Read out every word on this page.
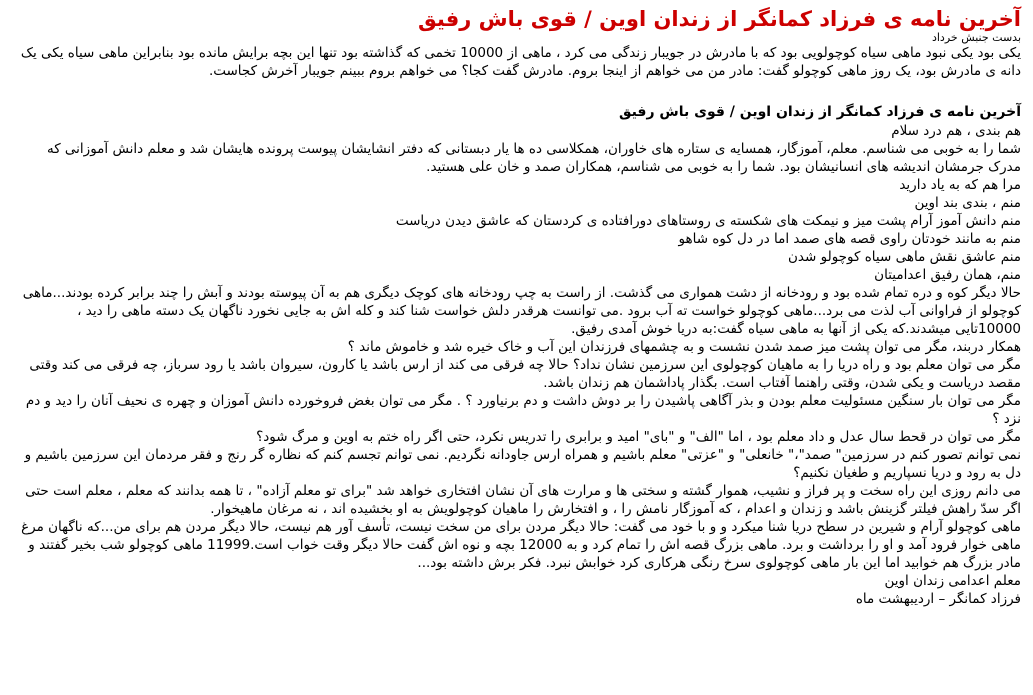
آخرین نامه ی فرزاد کمانگر از زندان اوین / قوی باش رفیق
بدست جنبش خرداد

یکی بود یکی نبود ماهی سیاه کوچولویی بود که با مادرش در جویبار زندگی می کرد ، ماهی از 10000 تخمی که گذاشته بود تنها این بچه برایش مانده بود بنابراین ماهی سیاه یکی یک دانه ی مادرش بود، یک روز ماهی کوچولو گفت: مادر من می خواهم از اینجا بروم. مادرش گفت کجا؟ می خواهم بروم ببینم جویبار آخرش کجاست.

آخرین نامه ی فرزاد کمانگر از زندان اوین / قوی باش رفیق

هم بندی ، هم درد سلام

شما را به خوبی می شناسم. معلم، آموزگار، همسایه ی ستاره های خاوران، همکلاسی ده ها یار دبستانی که دفتر انشایشان پیوست پرونده هایشان شد و معلم دانش آموزانی که مدرک جرمشان اندیشه های انسانیشان بود. شما را به خوبی می شناسم، همکاران صمد و خان علی هستید.

مرا هم که به یاد دارید

منم ، بندی بند اوین

منم دانش آموز آرام پشت میز و نیمکت های شکسته ی روستاهای دورافتاده ی کردستان که عاشق دیدن دریاست

منم به مانند خودتان راوی قصه های صمد اما در دل کوه شاهو

منم عاشق نقش ماهی سیاه کوچولو شدن

منم، همان رفیق اعدامیتان

حالا دیگر کوه و دره تمام شده بود و رودخانه از دشت همواری می گذشت. از راست به چپ رودخانه های کوچک دیگری هم به آن پیوسته بودند و آبش را چند برابر کرده بودند...ماهی کوچولو از فراوانی آب لذت می برد...ماهی کوچولو خواست ته آب برود .می توانست هرقدر دلش خواست شنا کند و کله اش به جایی نخورد ناگهان یک دسته ماهی را دید ، 10000تایی میشدند.که یکی از آنها به ماهی سیاه گفت:به دریا خوش آمدی رفیق.

همکار دربند، مگر می توان پشت میز صمد شدن نشست و به چشمهای فرزندان این آب و خاک خیره شد و خاموش ماند ؟

مگر می توان معلم بود و راه دریا را به ماهیان کوچولوی این سرزمین نشان نداد؟ حالا چه فرقی می کند از ارس باشد یا کارون، سیروان باشد یا رود سرباز، چه فرقی می کند وقتی مقصد دریاست و یکی شدن، وقتی راهنما آفتاب است. بگذار پاداشمان هم زندان باشد.

مگر می توان بار سنگین مسئولیت معلم بودن و بذر آگاهی پاشیدن را بر دوش داشت و دم برنیاورد ؟ . مگر می توان بغض فروخورده دانش آموزان و چهره ی نحیف آنان را دید و دم نزد ؟

مگر می توان در قحط سال عدل و داد معلم بود ، اما "الف" و "بای" امید و برابری را تدریس نکرد، حتی اگر راه ختم به اوین و مرگ شود؟

نمی توانم تصور کنم در سرزمین" صمد"،" خانعلی" و "عزتی" معلم باشیم و همراه ارس جاودانه نگردیم. نمی توانم تجسم کنم که نظاره گر رنج و فقر مردمان این سرزمین باشیم و دل به رود و دریا نسپاریم و طغیان نکنیم؟

می دانم روزی این راه سخت و پر فراز و نشیب، هموار گشته و سختی ها و مرارت های آن نشان افتخاری خواهد شد "برای تو معلم آزاده" ، تا همه بدانند که معلم ، معلم است حتی اگر سدّ راهش فیلتر گزینش باشد و زندان و اعدام ، که آموزگار نامش را ، و افتخارش را ماهیان کوچولویش به او بخشیده اند ، نه مرغان ماهیخوار.

ماهی کوچولو آرام و شیرین در سطح دریا شنا میکرد و و با خود می گفت: حالا دیگر مردن برای من سخت نیست، تأسف آور هم نیست، حالا دیگر مردن هم برای من...که ناگهان مرغ ماهی خوار فرود آمد و او را برداشت و برد. ماهی بزرگ قصه اش را تمام کرد و به 12000 بچه و نوه اش گفت حالا دیگر وقت خواب است.11999 ماهی کوچولو شب بخیر گفتند و مادر بزرگ هم خوابید اما این بار ماهی کوچولوی سرخ رنگی هرکاری کرد خوابش نبرد. فکر برش داشته بود...

معلم اعدامی زندان اوین

فرزاد کمانگر – اردیبهشت ماه
